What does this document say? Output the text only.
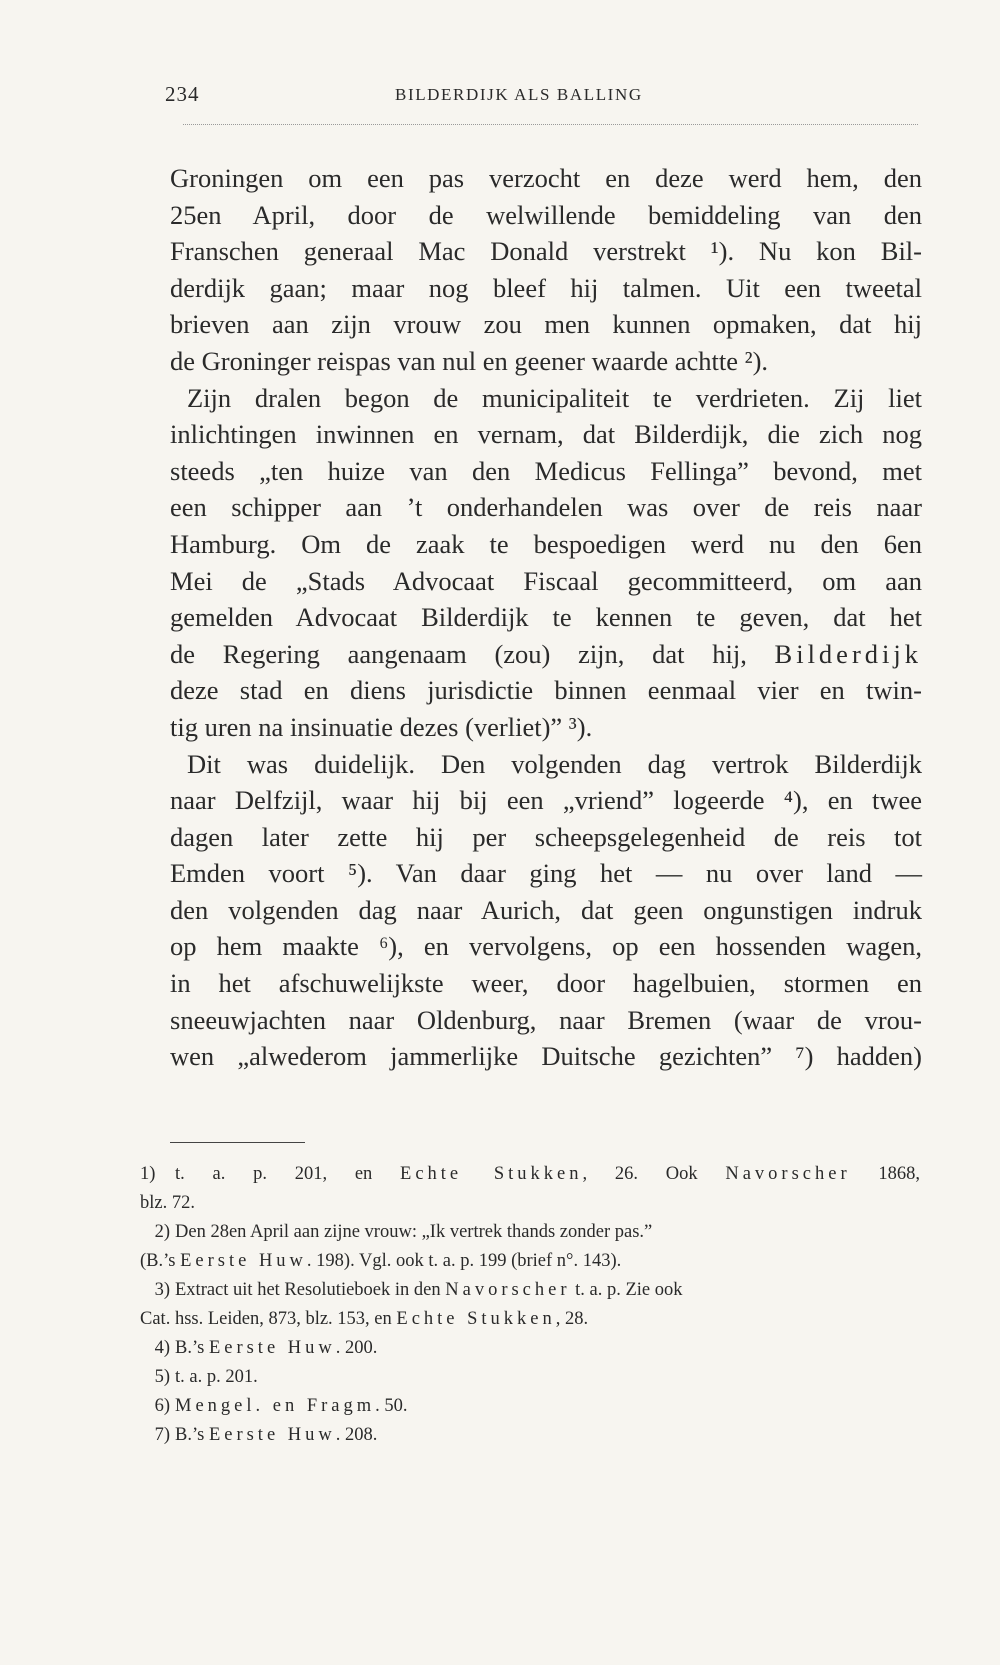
234	BILDERDIJK ALS BALLING
Groningen om een pas verzocht en deze werd hem, den
25en April, door de welwillende bemiddeling van den
Franschen generaal Mac Donald verstrekt ¹). Nu kon Bil-
derdijk gaan; maar nog bleef hij talmen. Uit een tweetal
brieven aan zijn vrouw zou men kunnen opmaken, dat hij
de Groninger reispas van nul en geener waarde achtte ²).
Zijn dralen begon de municipaliteit te verdrieten. Zij liet
inlichtingen inwinnen en vernam, dat Bilderdijk, die zich nog
steeds „ten huize van den Medicus Fellinga” bevond, met
een schipper aan ’t onderhandelen was over de reis naar
Hamburg. Om de zaak te bespoedigen werd nu den 6en
Mei de „Stads Advocaat Fiscaal gecommitteerd, om aan
gemelden Advocaat Bilderdijk te kennen te geven, dat het
de Regering aangenaam (zou) zijn, dat hij, Bilderdijk
deze stad en diens jurisdictie binnen eenmaal vier en twin-
tig uren na insinuatie dezes (verliet)” ³).
Dit was duidelijk. Den volgenden dag vertrok Bilderdijk
naar Delfzijl, waar hij bij een „vriend” logeerde ⁴), en twee
dagen later zette hij per scheepsgelegenheid de reis tot
Emden voort ⁵). Van daar ging het — nu over land —
den volgenden dag naar Aurich, dat geen ongunstigen indruk
op hem maakte ⁶), en vervolgens, op een hossenden wagen,
in het afschuwelijkste weer, door hagelbuien, stormen en
sneeuwjachten naar Oldenburg, naar Bremen (waar de vrou-
wen „alwederom jammerlijke Duitsche gezichten” ⁷) hadden)
1) t. a. p. 201, en Echte Stukken, 26. Ook Navorscher 1868,
blz. 72.
2) Den 28en April aan zijne vrouw: „Ik vertrek thands zonder pas.”
(B.’s Eerste Huw. 198). Vgl. ook t. a. p. 199 (brief n°. 143).
3) Extract uit het Resolutieboek in den Navorscher t. a. p. Zie ook
Cat. hss. Leiden, 873, blz. 153, en Echte Stukken, 28.
4) B.’s Eerste Huw. 200.
5) t. a. p. 201.
6) Mengel. en Fragm. 50.
7) B.’s Eerste Huw. 208.
